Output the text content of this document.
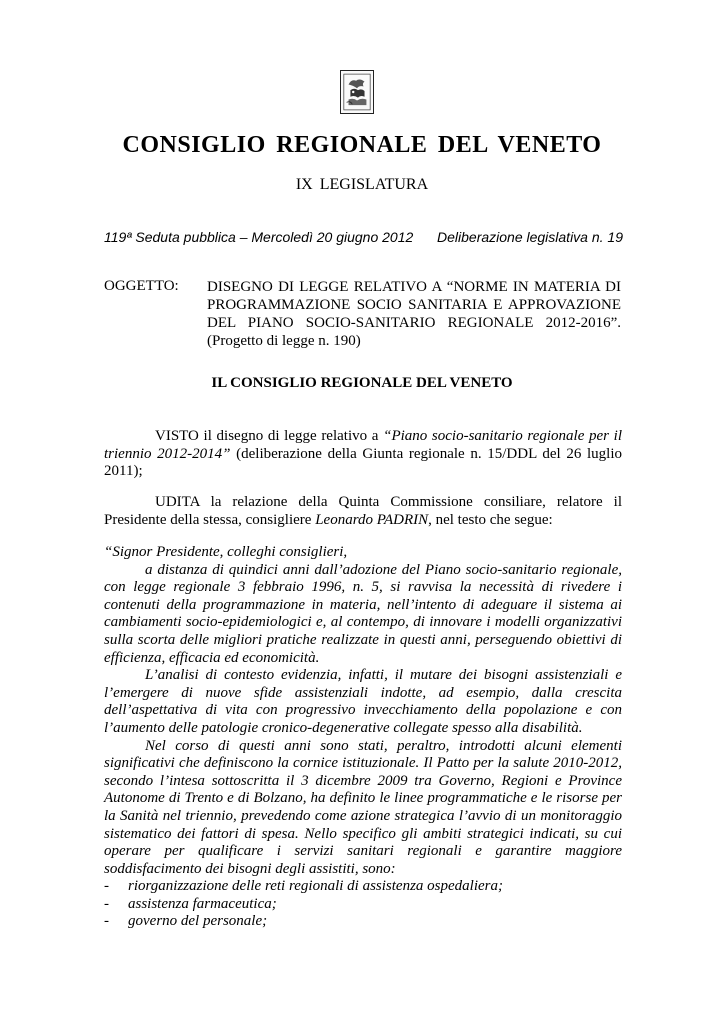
CONSIGLIO REGIONALE DEL VENETO
IX LEGISLATURA
119ª Seduta pubblica – Mercoledì 20 giugno 2012 Deliberazione legislativa n. 19
OGGETTO: DISEGNO DI LEGGE RELATIVO A “NORME IN MATERIA DI
PROGRAMMAZIONE SOCIO SANITARIA E APPROVAZIONE
DEL PIANO SOCIO-SANITARIO REGIONALE 2012-2016”.
(Progetto di legge n. 190)
IL CONSIGLIO REGIONALE DEL VENETO

VISTO il disegno di legge relativo a “Piano socio-sanitario regionale per il triennio 2012-2014” (deliberazione della Giunta regionale n. 15/DDL del 26 luglio 2011);

UDITA la relazione della Quinta Commissione consiliare, relatore il Presidente della stessa, consigliere Leonardo PADRIN, nel testo che segue:

“Signor Presidente, colleghi consiglieri,

a distanza di quindici anni dall’adozione del Piano socio-sanitario regionale, con legge regionale 3 febbraio 1996, n. 5, si ravvisa la necessità di rivedere i contenuti della programmazione in materia, nell’intento di adeguare il sistema ai cambiamenti socio-epidemiologici e, al contempo, di innovare i modelli organizzativi sulla scorta delle migliori pratiche realizzate in questi anni, perseguendo obiettivi di efficienza, efficacia ed economicità.

L’analisi di contesto evidenzia, infatti, il mutare dei bisogni assistenziali e l’emergere di nuove sfide assistenziali indotte, ad esempio, dalla crescita dell’aspettativa di vita con progressivo invecchiamento della popolazione e con l’aumento delle patologie cronico-degenerative collegate spesso alla disabilità.

Nel corso di questi anni sono stati, peraltro, introdotti alcuni elementi significativi che definiscono la cornice istituzionale. Il Patto per la salute 2010-2012, secondo l’intesa sottoscritta il 3 dicembre 2009 tra Governo, Regioni e Province Autonome di Trento e di Bolzano, ha definito le linee programmatiche e le risorse per la Sanità nel triennio, prevedendo come azione strategica l’avvio di un monitoraggio sistematico dei fattori di spesa. Nello specifico gli ambiti strategici indicati, su cui operare per qualificare i servizi sanitari regionali e garantire maggiore soddisfacimento dei bisogni degli assistiti, sono:

- riorganizzazione delle reti regionali di assistenza ospedaliera;
- assistenza farmaceutica;
- governo del personale;
